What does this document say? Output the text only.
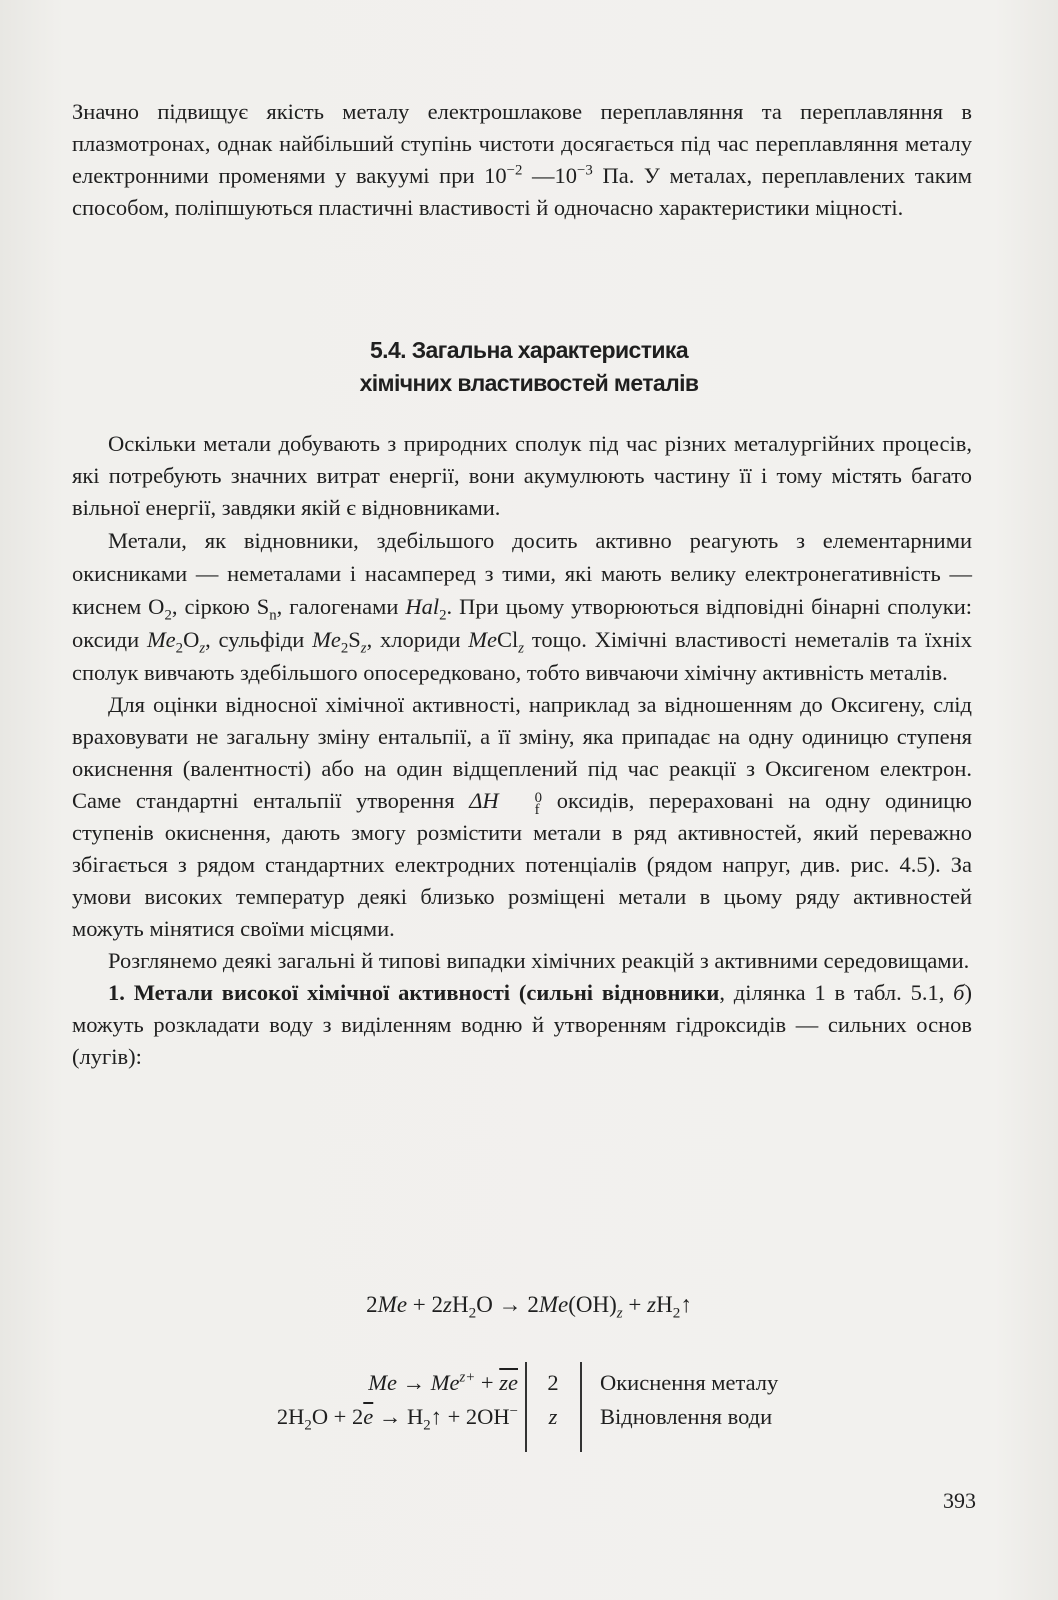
Значно підвищує якість металу електрошлакове переплавляння та переплавляння в плазмотронах, однак найбільший ступінь чистоти досягається під час переплавляння металу електронними променями у вакуумі при $10^{-2}$ $—10^{-3}$ Па. У металах, переплавлених таким способом, поліпшуються пластичні властивості й одночасно характеристики міцності.

5.4. Загальна характеристика
хімічних властивостей металів

Оскільки метали добувають з природних сполук під час різних металургійних процесів, які потребують значних витрат енергії, вони акумулюють частину її і тому містять багато вільної енергії, завдяки якій є відновниками.

Метали, як відновники, здебільшого досить активно реагують з елементарними окисниками — неметалами і насамперед з тими, які мають велику електронегативність — киснем $O_2$, сіркою $S_n$, галогенами Hal$_2$. При цьому утворюються відповідні бінарні сполуки: оксиди $Me_2O_z$, сульфіди $Me_2S_z$, хлориди MeCl$_z$ тощо. Хімічні властивості неметалів та їхніх сполук вивчають здебільшого опосередковано, тобто вивчаючи хімічну активність металів.

Для оцінки відносної хімічної активності, наприклад за відношенням до Оксигену, слід враховувати не загальну зміну ентальпії, а її зміну, яка припадає на одну одиницю ступеня окиснення (валентності) або на один відщеплений під час реакції з Оксигеном електрон. Саме стандартні ентальпії утворення ΔH	0
f оксидів, перераховані на одну одиницю ступенів окиснення, дають змогу розмістити метали в ряд активностей, який переважно збігається з рядом стандартних електродних потенціалів (рядом напруг, див. рис. 4.5). За умови високих температур деякі близько розміщені метали в цьому ряду активностей можуть мінятися своїми місцями.

Розглянемо деякі загальні й типові випадки хімічних реакцій з активними середовищами.

1. Метали високої хімічної активності (сильні відновники, ділянка 1 в табл. 5.1, б) можуть розкладати воду з виділенням водню й утворенням гідроксидів — сильних основ (лугів):

$2Me + 2zH_2O \to 2Me(OH)_z$ + $zH_2↑$
$Me \to Me^{z+} + \overline{ze}$
$2H_2O + 2\overline{e}$ → $H_2↑ + 2OH^-$
2
z
Окиснення металу
Відновлення води
393
